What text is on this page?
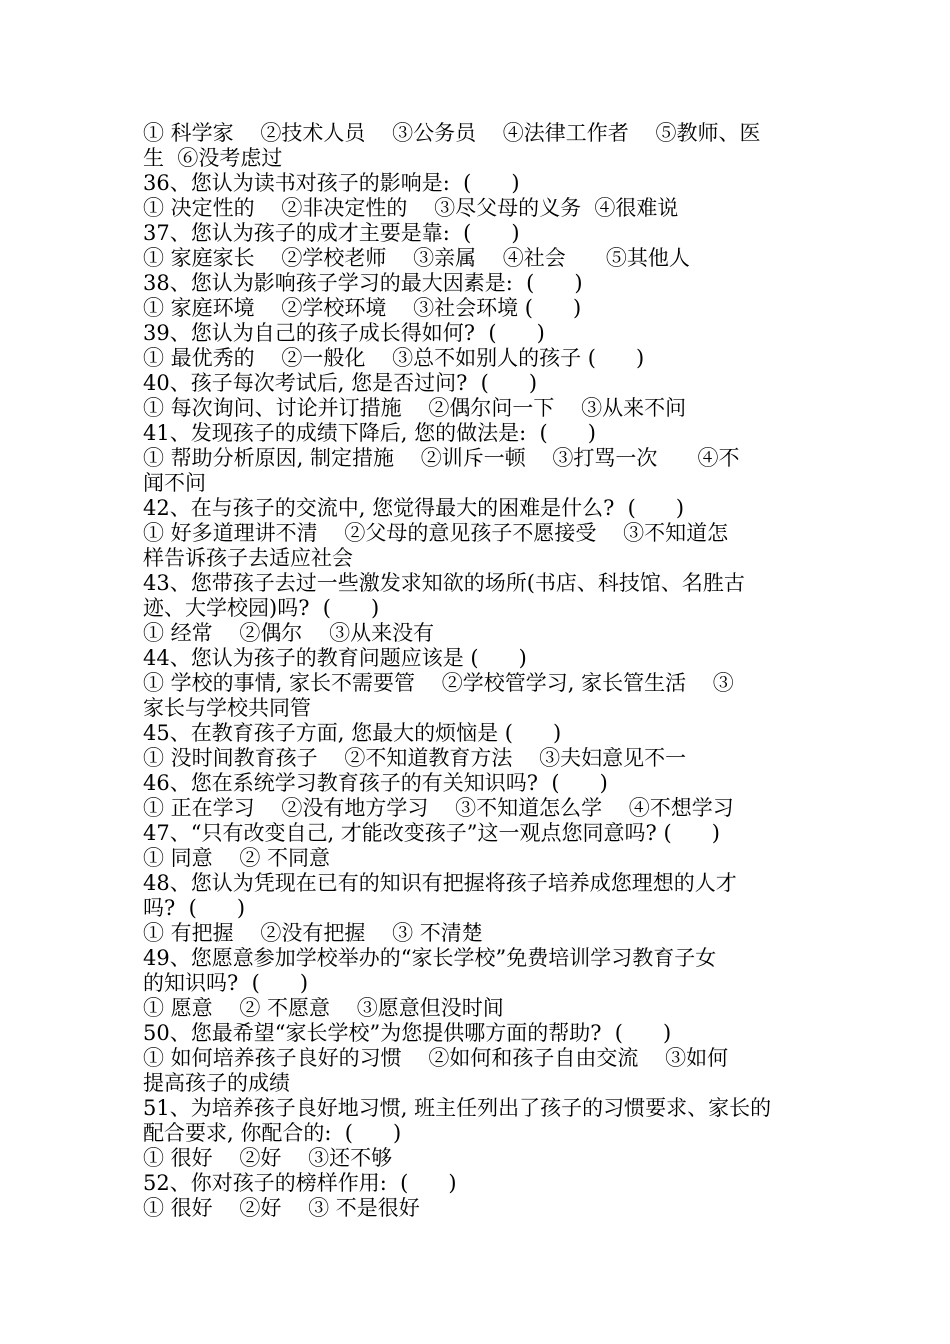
① 科学家    ②技术人员    ③公务员    ④法律工作者    ⑤教师、医
生  ⑥没考虑过
36、您认为读书对孩子的影响是:  (      )
① 决定性的    ②非决定性的    ③尽父母的义务  ④很难说
37、您认为孩子的成才主要是靠:  (      )
① 家庭家长    ②学校老师    ③亲属    ④社会      ⑤其他人
38、您认为影响孩子学习的最大因素是:  (      )
① 家庭环境    ②学校环境    ③社会环境 (      )
39、您认为自己的孩子成长得如何?  (      )
① 最优秀的    ②一般化    ③总不如别人的孩子 (      )
40、孩子每次考试后, 您是否过问?  (      )
① 每次询问、讨论并订措施    ②偶尔问一下    ③从来不问
41、发现孩子的成绩下降后, 您的做法是:  (      )
① 帮助分析原因, 制定措施    ②训斥一顿    ③打骂一次      ④不
闻不问
42、在与孩子的交流中, 您觉得最大的困难是什么?  (      )
① 好多道理讲不清    ②父母的意见孩子不愿接受    ③不知道怎
样告诉孩子去适应社会
43、您带孩子去过一些激发求知欲的场所(书店、科技馆、名胜古
迹、大学校园)吗?  (      )
① 经常    ②偶尔    ③从来没有
44、您认为孩子的教育问题应该是 (      )
① 学校的事情, 家长不需要管    ②学校管学习, 家长管生活    ③
家长与学校共同管
45、在教育孩子方面, 您最大的烦恼是 (      )
① 没时间教育孩子    ②不知道教育方法    ③夫妇意见不一
46、您在系统学习教育孩子的有关知识吗?  (      )
① 正在学习    ②没有地方学习    ③不知道怎么学    ④不想学习
47、“只有改变自己, 才能改变孩子”这一观点您同意吗? (      )
① 同意    ② 不同意
48、您认为凭现在已有的知识有把握将孩子培养成您理想的人才
吗?  (      )
① 有把握    ②没有把握    ③ 不清楚
49、您愿意参加学校举办的“家长学校”免费培训学习教育子女
的知识吗?  (      )
① 愿意    ② 不愿意    ③愿意但没时间
50、您最希望“家长学校”为您提供哪方面的帮助?  (      )
① 如何培养孩子良好的习惯    ②如何和孩子自由交流    ③如何
提高孩子的成绩
51、为培养孩子良好地习惯, 班主任列出了孩子的习惯要求、家长的
配合要求, 你配合的:  (      )
① 很好    ②好    ③还不够
52、你对孩子的榜样作用:  (      )
① 很好    ②好    ③ 不是很好
